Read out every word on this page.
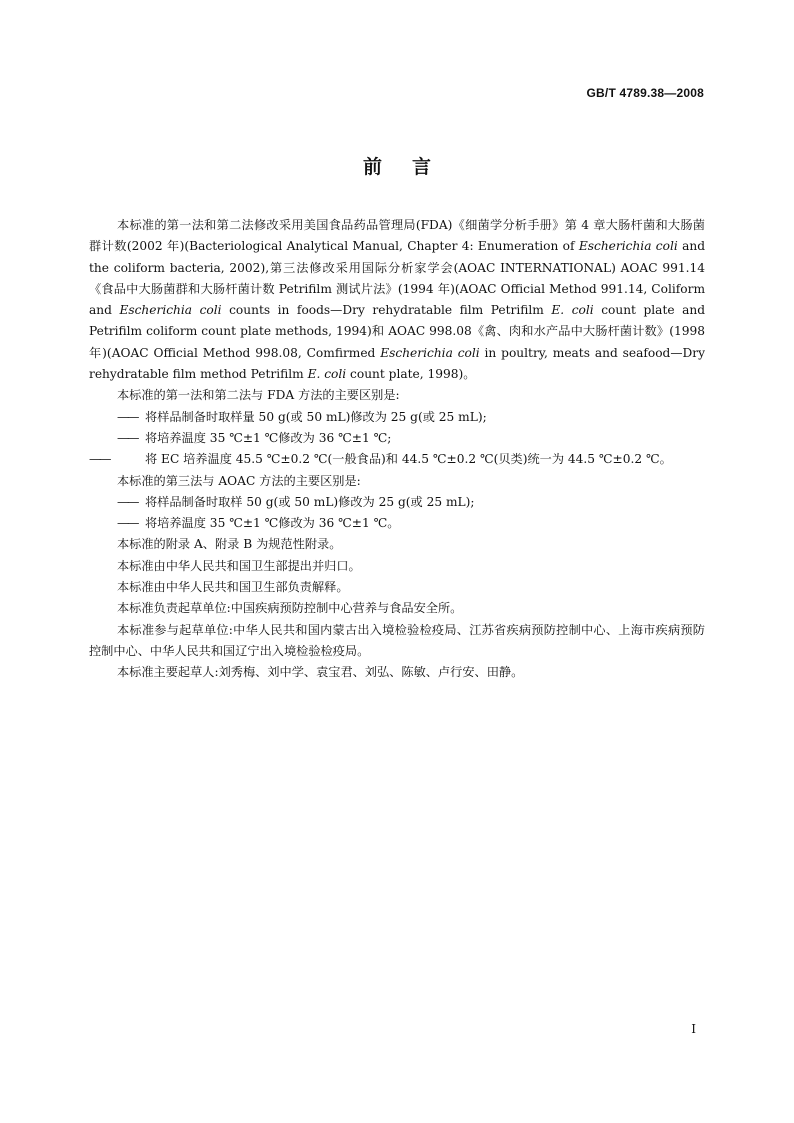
GB/T 4789.38—2008
前言

本标准的第一法和第二法修改采用美国食品药品管理局(FDA)《细菌学分析手册》第 4 章大肠杆菌和大肠菌群计数(2002 年)(Bacteriological Analytical Manual, Chapter 4: Enumeration of Escherichia coli and the coliform bacteria, 2002),第三法修改采用国际分析家学会(AOAC INTERNATIONAL) AOAC 991.14《食品中大肠菌群和大肠杆菌计数 Petrifilm 测试片法》(1994 年)(AOAC Official Method 991.14, Coliform and Escherichia coli counts in foods—Dry rehydratable film Petrifilm E. coli count plate and Petrifilm coliform count plate methods, 1994)和 AOAC 998.08《禽、肉和水产品中大肠杆菌计数》(1998 年)(AOAC Official Method 998.08, Comfirmed Escherichia coli in poultry, meats and seafood—Dry rehydratable film method Petrifilm E. coli count plate, 1998)。

本标准的第一法和第二法与 FDA 方法的主要区别是:

—— 将样品制备时取样量 50 g(或 50 mL)修改为 25 g(或 25 mL);

—— 将培养温度 35 ℃±1 ℃修改为 36 ℃±1 ℃;

——	将 EC 培养温度 45.5 ℃±0.2 ℃(一般食品)和 44.5 ℃±0.2 ℃(贝类)统一为 44.5 ℃±0.2 ℃。

本标准的第三法与 AOAC 方法的主要区别是:

—— 将样品制备时取样 50 g(或 50 mL)修改为 25 g(或 25 mL);

—— 将培养温度 35 ℃±1 ℃修改为 36 ℃±1 ℃。

本标准的附录 A、附录 B 为规范性附录。

本标准由中华人民共和国卫生部提出并归口。

本标准由中华人民共和国卫生部负责解释。

本标准负责起草单位:中国疾病预防控制中心营养与食品安全所。

本标准参与起草单位:中华人民共和国内蒙古出入境检验检疫局、江苏省疾病预防控制中心、上海市疾病预防控制中心、中华人民共和国辽宁出入境检验检疫局。

本标准主要起草人:刘秀梅、刘中学、袁宝君、刘弘、陈敏、卢行安、田静。

I
